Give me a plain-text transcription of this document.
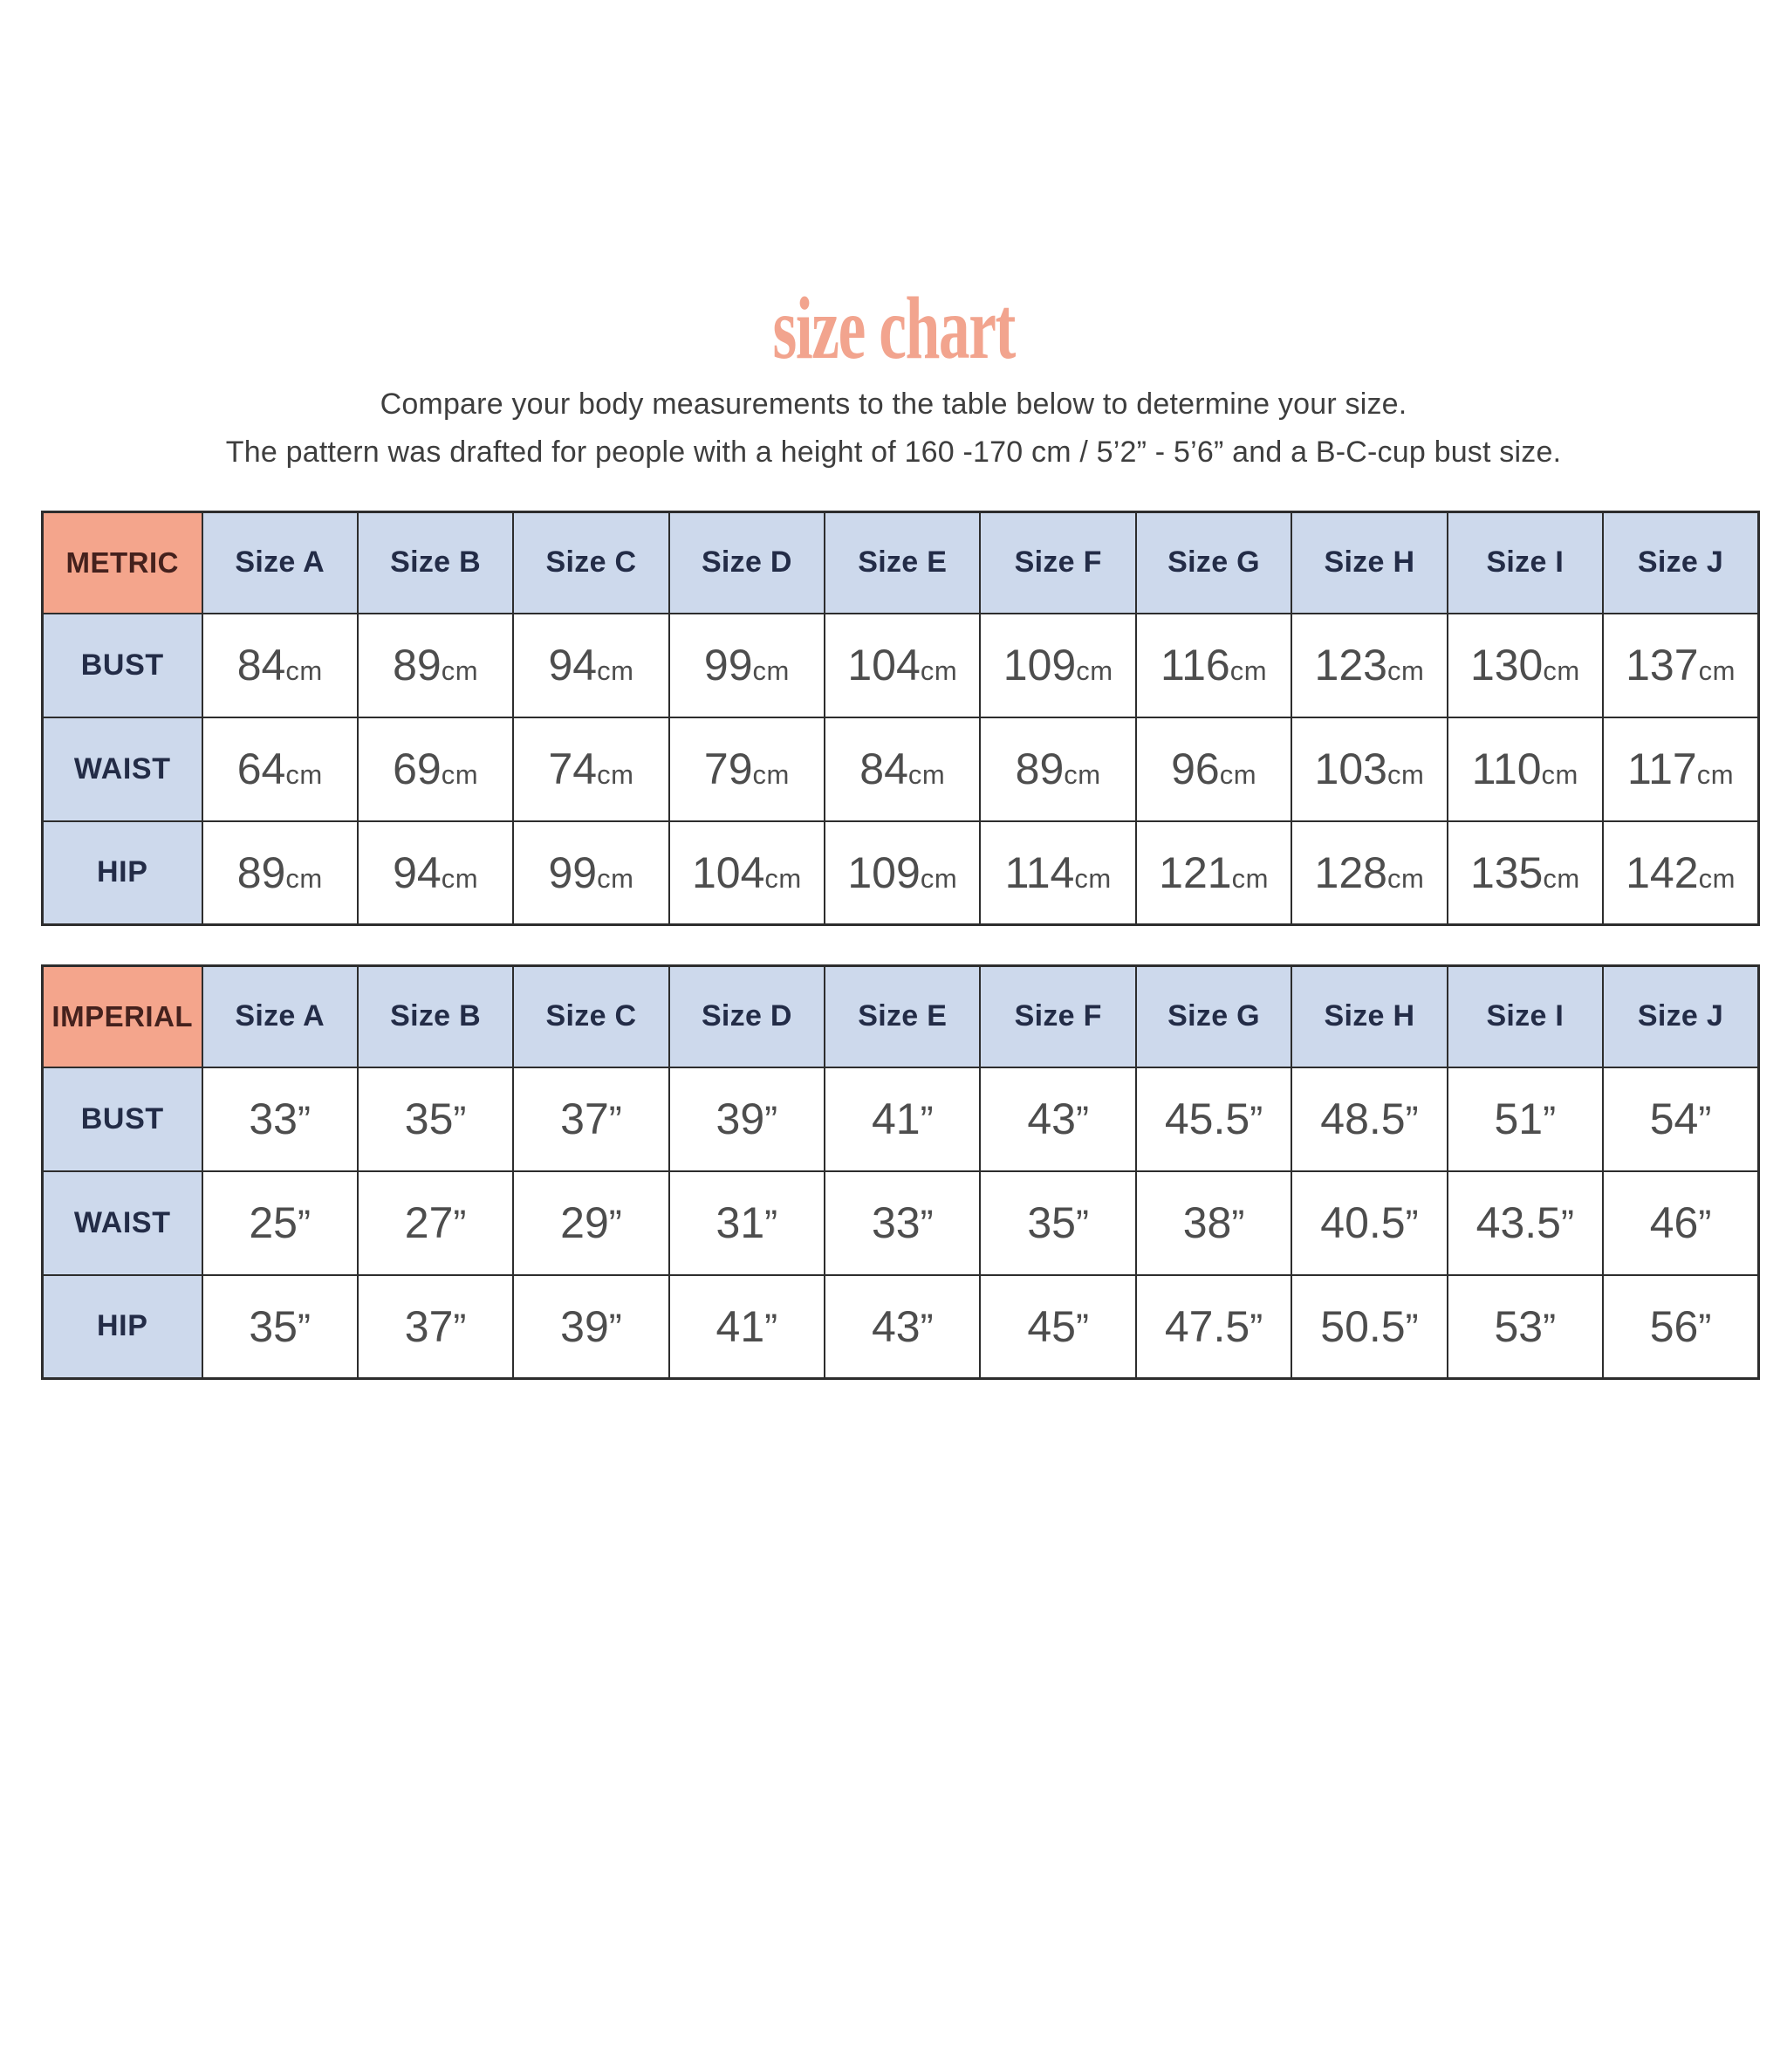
size chart

Compare your body measurements to the table below to determine your size.

The pattern was drafted for people with a height of 160 -170 cm / 5’2” - 5’6” and a B-C-cup bust size.

METRIC	Size A	Size B	Size C	Size D	Size E	Size F	Size G	Size H	Size I	Size J
BUST	84cm	89cm	94cm	99cm	104cm	109cm	116cm	123cm	130cm	137cm
WAIST	64cm	69cm	74cm	79cm	84cm	89cm	96cm	103cm	110cm	117cm
HIP	89cm	94cm	99cm	104cm	109cm	114cm	121cm	128cm	135cm	142cm
IMPERIAL	Size A	Size B	Size C	Size D	Size E	Size F	Size G	Size H	Size I	Size J
BUST	33”	35”	37”	39”	41”	43”	45.5”	48.5”	51”	54”
WAIST	25”	27”	29”	31”	33”	35”	38”	40.5”	43.5”	46”
HIP	35”	37”	39”	41”	43”	45”	47.5”	50.5”	53”	56”
